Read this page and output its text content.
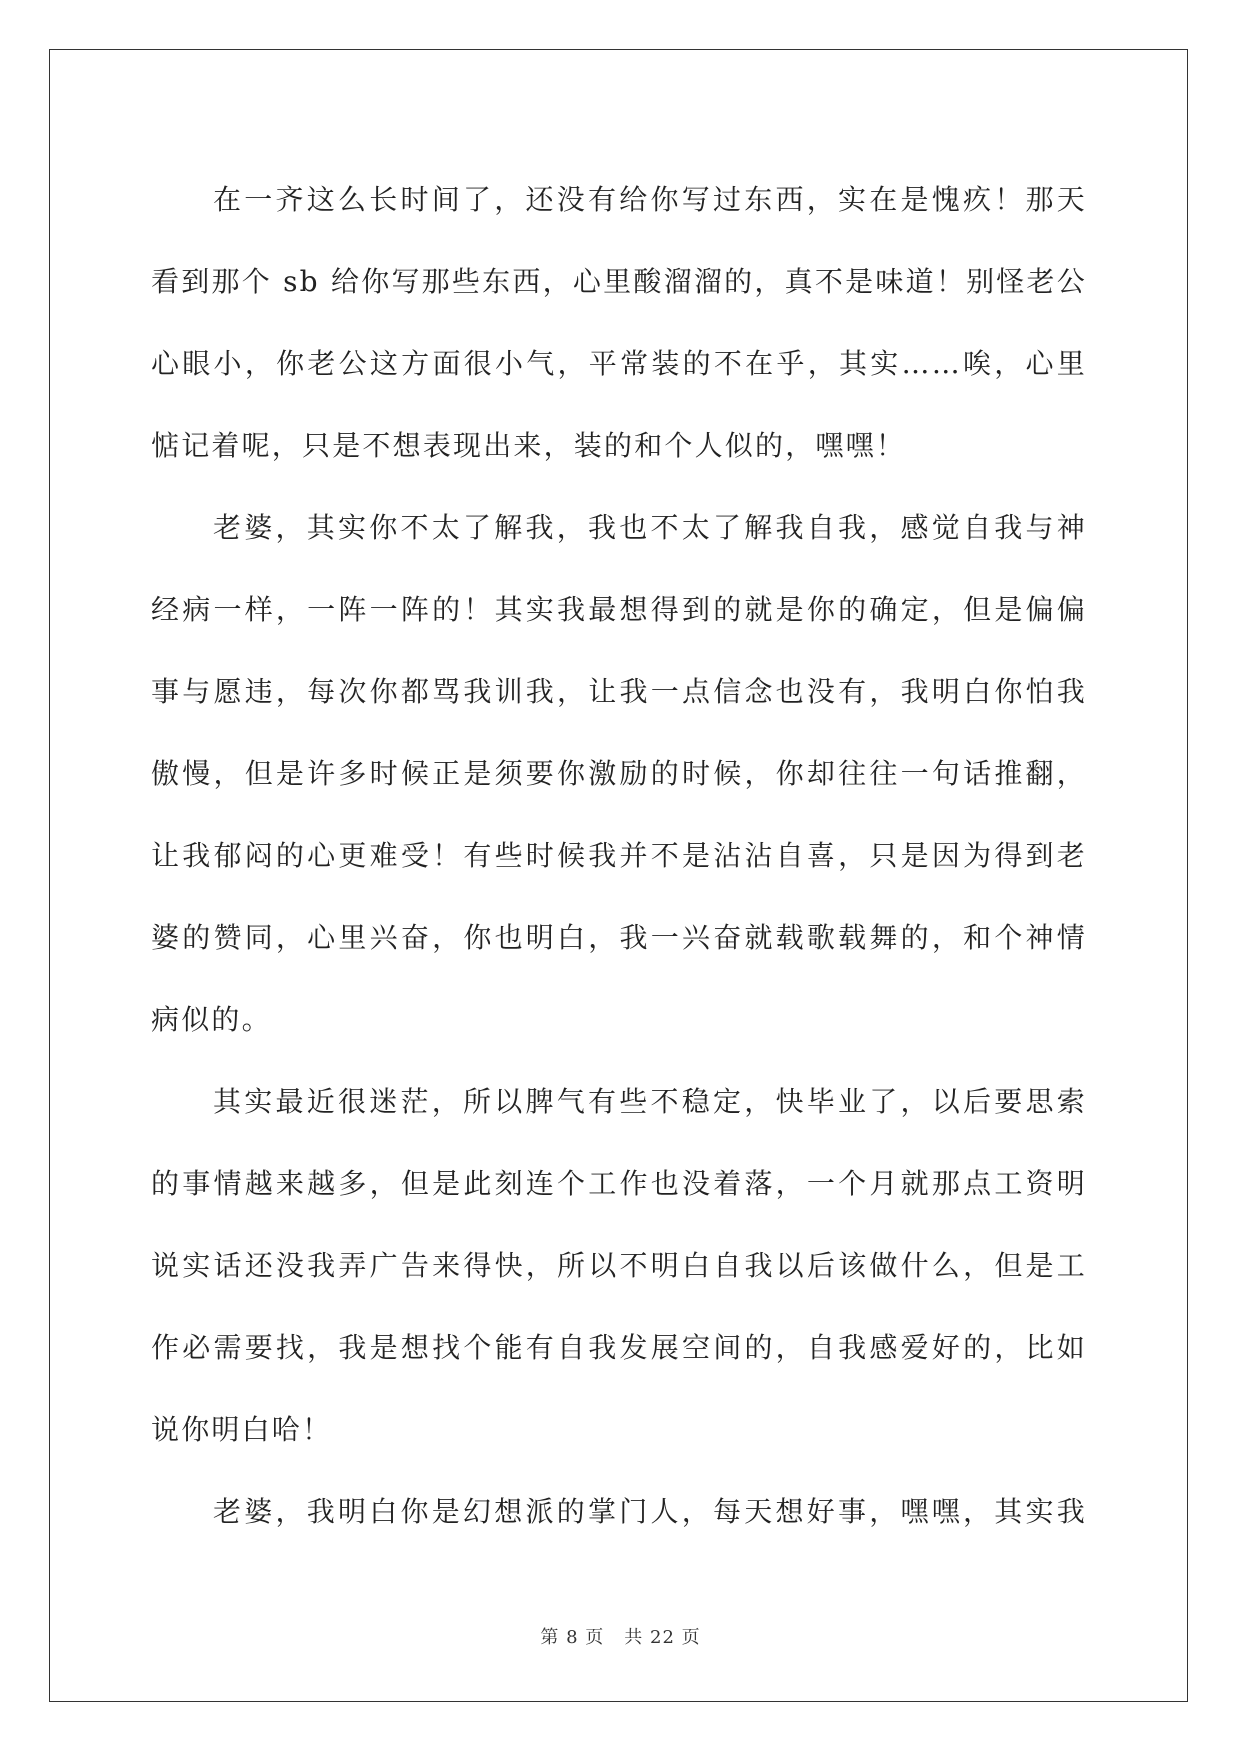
在一齐这么长时间了，还没有给你写过东西，实在是愧疚！那天
看到那个 sb 给你写那些东西，心里酸溜溜的，真不是味道！别怪老公
心眼小，你老公这方面很小气，平常装的不在乎，其实……唉，心里
惦记着呢，只是不想表现出来，装的和个人似的，嘿嘿！
老婆，其实你不太了解我，我也不太了解我自我，感觉自我与神
经病一样，一阵一阵的！其实我最想得到的就是你的确定，但是偏偏
事与愿违，每次你都骂我训我，让我一点信念也没有，我明白你怕我
傲慢，但是许多时候正是须要你激励的时候，你却往往一句话推翻，
让我郁闷的心更难受！有些时候我并不是沾沾自喜，只是因为得到老
婆的赞同，心里兴奋，你也明白，我一兴奋就载歌载舞的，和个神情
病似的。
其实最近很迷茫，所以脾气有些不稳定，快毕业了，以后要思索
的事情越来越多，但是此刻连个工作也没着落，一个月就那点工资明
说实话还没我弄广告来得快，所以不明白自我以后该做什么，但是工
作必需要找，我是想找个能有自我发展空间的，自我感爱好的，比如
说你明白哈！
老婆，我明白你是幻想派的掌门人，每天想好事，嘿嘿，其实我
第 8 页 共 22 页
